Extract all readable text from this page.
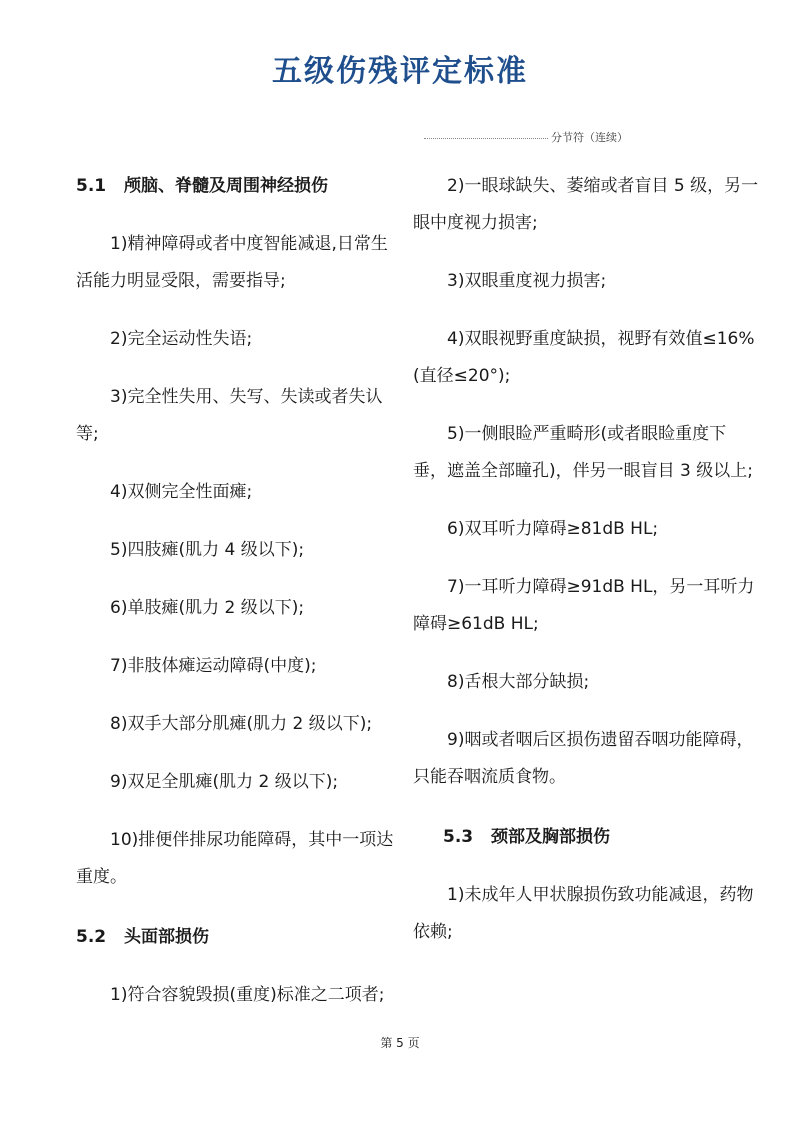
五级伤残评定标准
分节符（连续）

5.1 颅脑、脊髓及周围神经损伤

1)精神障碍或者中度智能减退,日常生活能力明显受限，需要指导;

2)完全运动性失语;

3)完全性失用、失写、失读或者失认等;

4)双侧完全性面瘫;

5)四肢瘫(肌力 4 级以下);

6)单肢瘫(肌力 2 级以下);

7)非肢体瘫运动障碍(中度);

8)双手大部分肌瘫(肌力 2 级以下);

9)双足全肌瘫(肌力 2 级以下);

10)排便伴排尿功能障碍，其中一项达重度。

5.2 头面部损伤

1)符合容貌毁损(重度)标准之二项者;

2)一眼球缺失、萎缩或者盲目 5 级，另一眼中度视力损害;

3)双眼重度视力损害;

4)双眼视野重度缺损，视野有效值≤16%(直径≤20°);

5)一侧眼睑严重畸形(或者眼睑重度下垂，遮盖全部瞳孔)，伴另一眼盲目 3 级以上;

6)双耳听力障碍≥81dB HL;

7)一耳听力障碍≥91dB HL，另一耳听力障碍≥61dB HL;

8)舌根大部分缺损;

9)咽或者咽后区损伤遗留吞咽功能障碍，只能吞咽流质食物。

5.3 颈部及胸部损伤

1)未成年人甲状腺损伤致功能减退，药物依赖;

第 5 页
